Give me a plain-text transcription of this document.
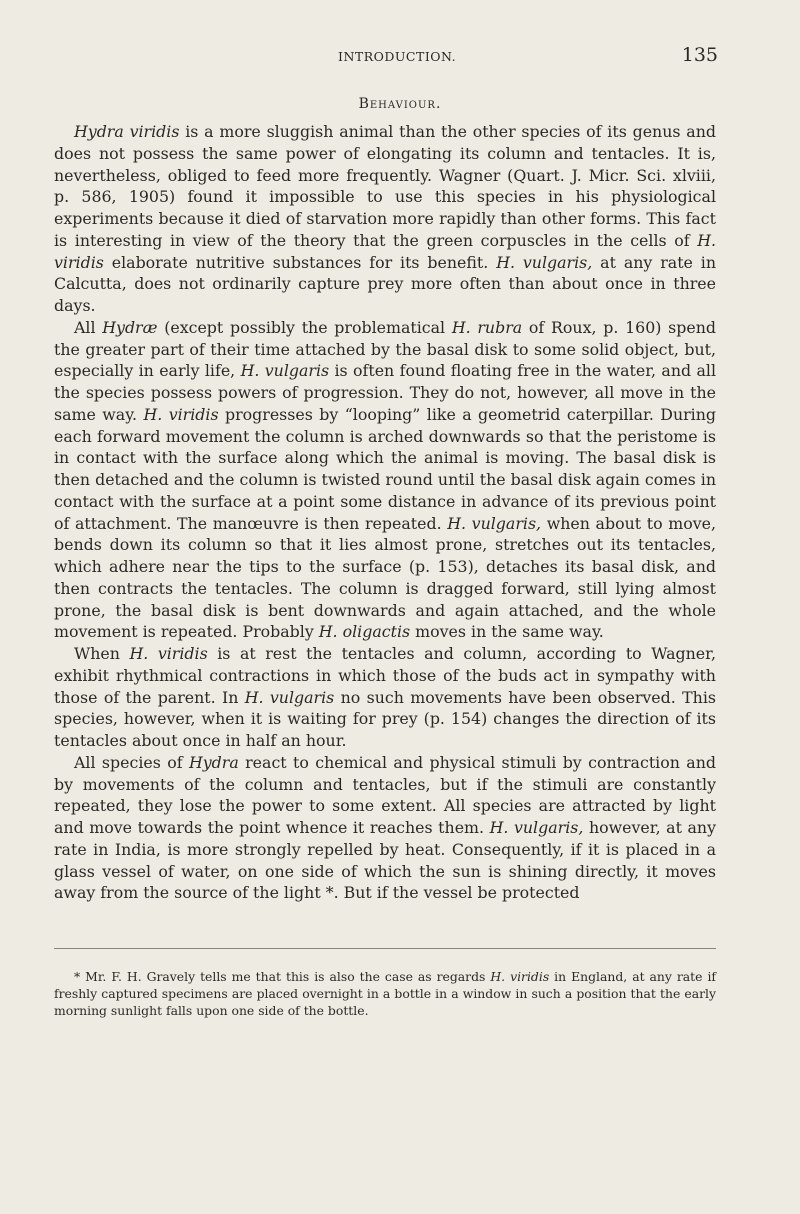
INTRODUCTION.	135
Behaviour.

Hydra viridis is a more sluggish animal than the other species of its genus and does not possess the same power of elongating its column and tentacles. It is, nevertheless, obliged to feed more frequently. Wagner (Quart. J. Micr. Sci. xlviii, p. 586, 1905) found it impossible to use this species in his physiological experiments because it died of starvation more rapidly than other forms. This fact is interesting in view of the theory that the green corpuscles in the cells of H. viridis elaborate nutritive substances for its benefit. H. vulgaris, at any rate in Calcutta, does not ordinarily capture prey more often than about once in three days.

All Hydræ (except possibly the problematical H. rubra of Roux, p. 160) spend the greater part of their time attached by the basal disk to some solid object, but, especially in early life, H. vulgaris is often found floating free in the water, and all the species possess powers of progression. They do not, however, all move in the same way. H. viridis progresses by “looping” like a geometrid caterpillar. During each forward movement the column is arched downwards so that the peristome is in contact with the surface along which the animal is moving. The basal disk is then detached and the column is twisted round until the basal disk again comes in contact with the surface at a point some distance in advance of its previous point of attachment. The manœuvre is then repeated. H. vulgaris, when about to move, bends down its column so that it lies almost prone, stretches out its tentacles, which adhere near the tips to the surface (p. 153), detaches its basal disk, and then contracts the tentacles. The column is dragged forward, still lying almost prone, the basal disk is bent downwards and again attached, and the whole movement is repeated. Probably H. oligactis moves in the same way.

When H. viridis is at rest the tentacles and column, according to Wagner, exhibit rhythmical contractions in which those of the buds act in sympathy with those of the parent. In H. vulgaris no such movements have been observed. This species, however, when it is waiting for prey (p. 154) changes the direction of its tentacles about once in half an hour.

All species of Hydra react to chemical and physical stimuli by contraction and by movements of the column and tentacles, but if the stimuli are constantly repeated, they lose the power to some extent. All species are attracted by light and move towards the point whence it reaches them. H. vulgaris, however, at any rate in India, is more strongly repelled by heat. Consequently, if it is placed in a glass vessel of water, on one side of which the sun is shining directly, it moves away from the source of the light *. But if the vessel be protected

* Mr. F. H. Gravely tells me that this is also the case as regards H. viridis in England, at any rate if freshly captured specimens are placed overnight in a bottle in a window in such a position that the early morning sunlight falls upon one side of the bottle.
